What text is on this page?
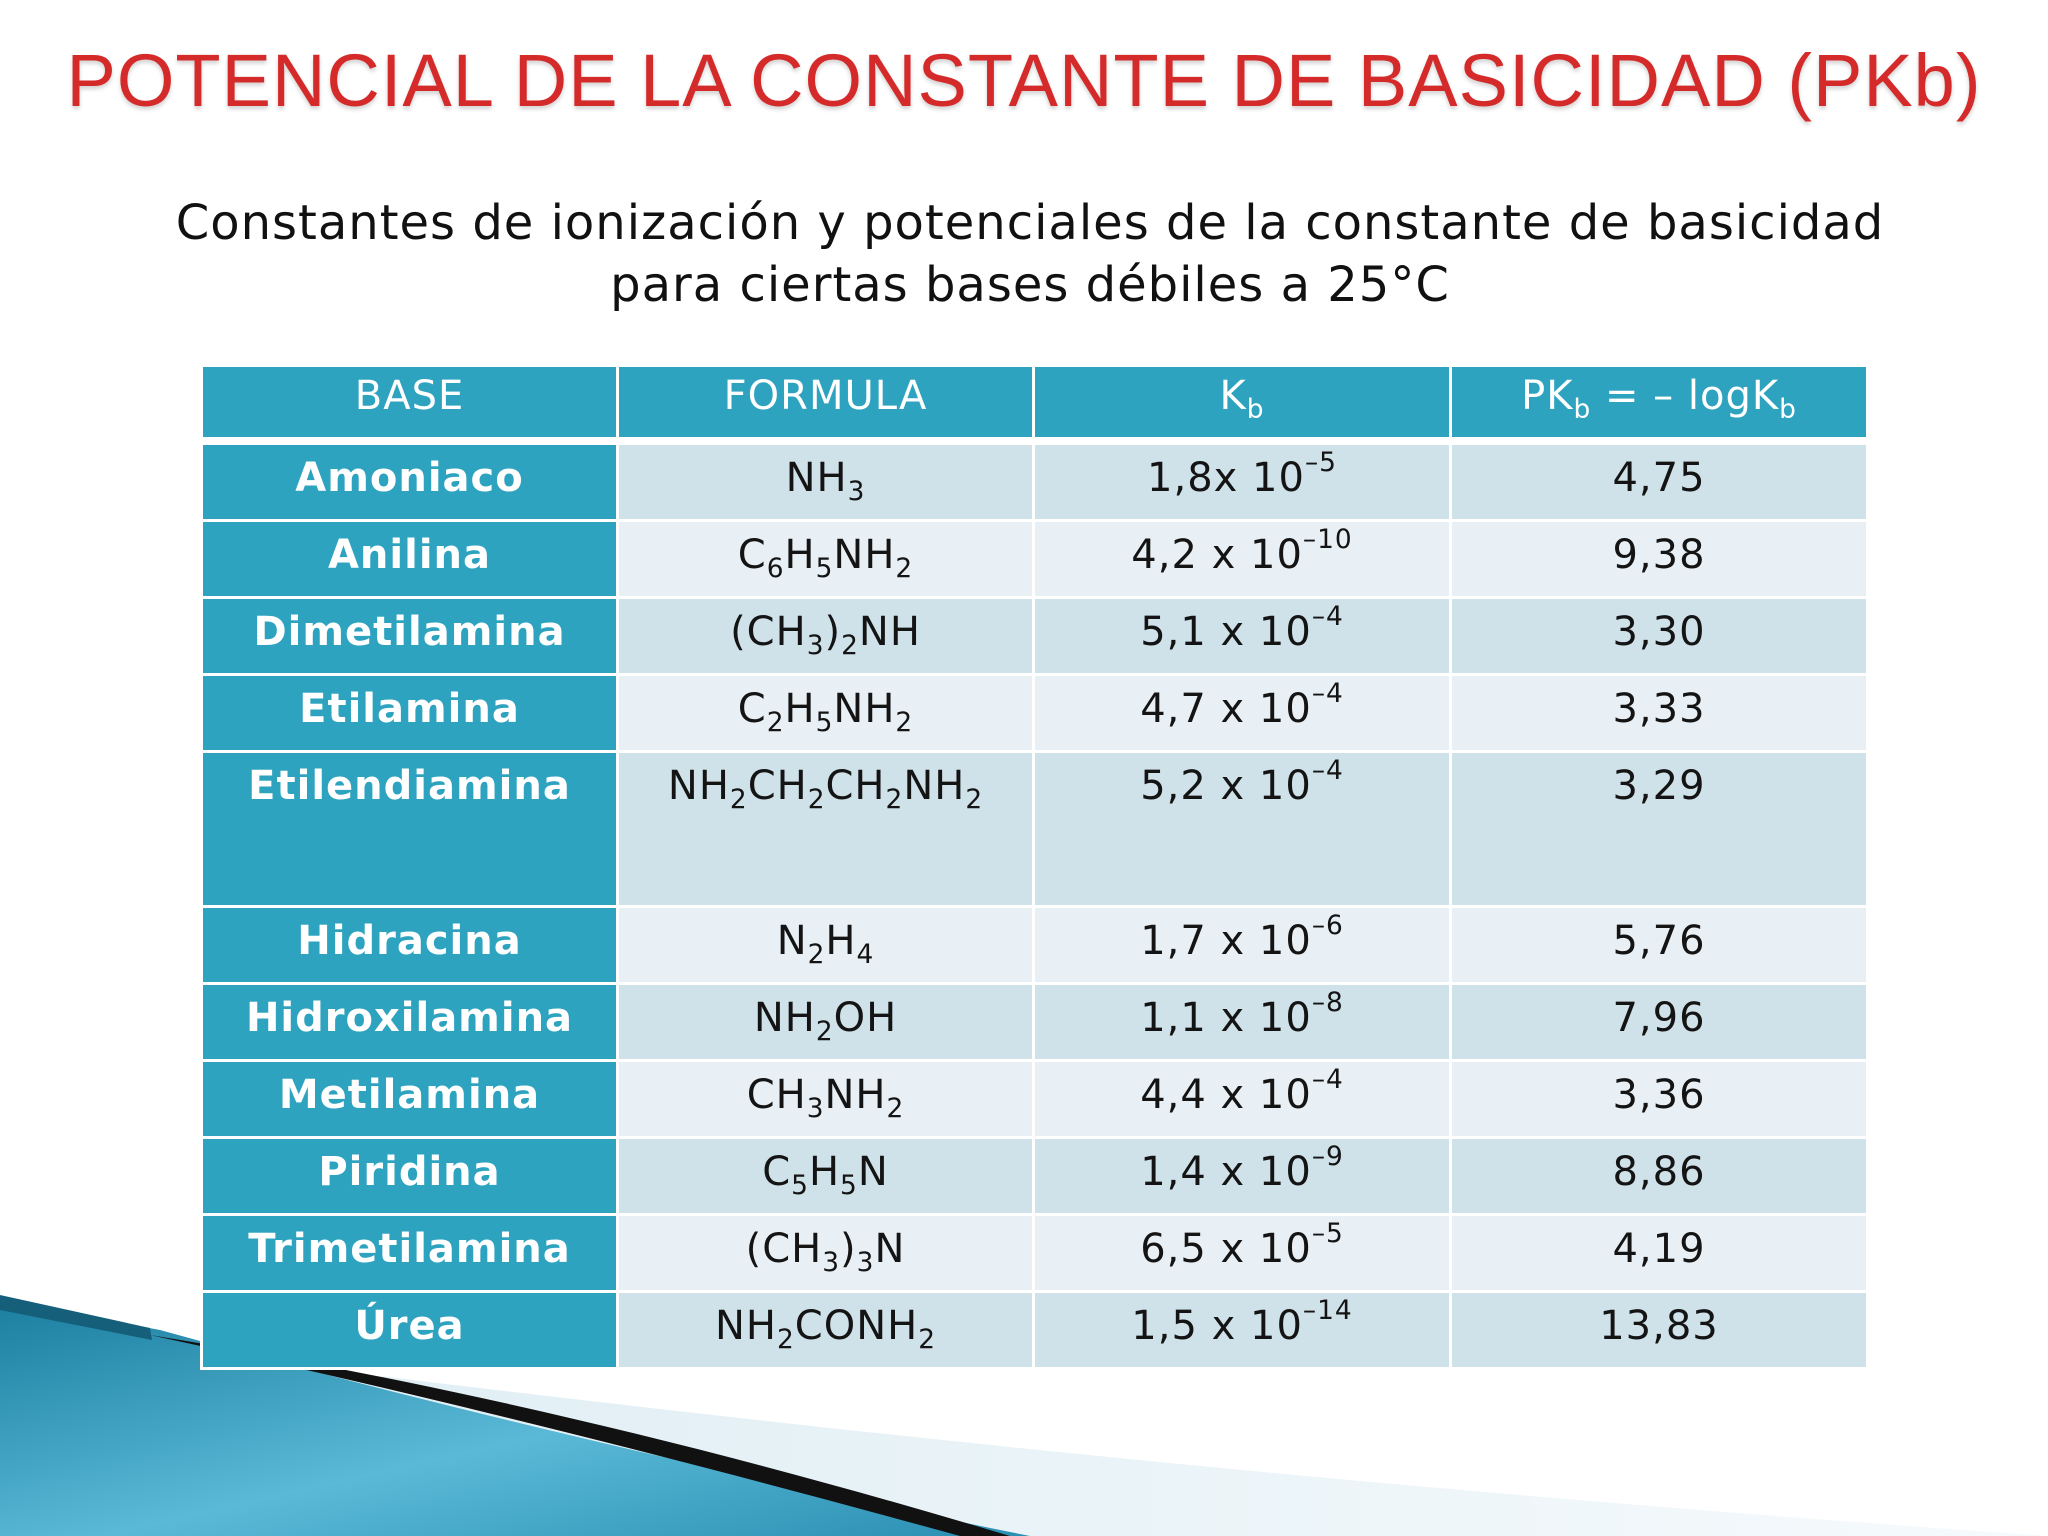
POTENCIAL DE LA CONSTANTE DE BASICIDAD (PKb)
Constantes de ionización y potenciales de la constante de basicidad
para ciertas bases débiles a 25°C
BASE	FORMULA	$K_b$	$PK_b$ = – logK$_b$
Amoniaco	$NH_3$	1,8x $10^{-5}$	4,75
Anilina	$C_6H_5NH_2$	4,2 x $10^{-10}$	9,38
Dimetilamina	$(CH_3)_2NH$	5,1 x $10^{-4}$	3,30
Etilamina	$C_2H_5NH_2$	4,7 x $10^{-4}$	3,33
Etilendiamina	$NH_2CH_2CH_2NH_2$	5,2 x $10^{-4}$	3,29
Hidracina	$N_2H_4$	1,7 x $10^{-6}$	5,76
Hidroxilamina	$NH_2OH$	1,1 x $10^{-8}$	7,96
Metilamina	$CH_3NH_2$	4,4 x $10^{-4}$	3,36
Piridina	$C_5H_5N$	1,4 x $10^{-9}$	8,86
Trimetilamina	$(CH_3)_3N$	6,5 x $10^{-5}$	4,19
Úrea	$NH_2CONH_2$	1,5 x $10^{-14}$	13,83
